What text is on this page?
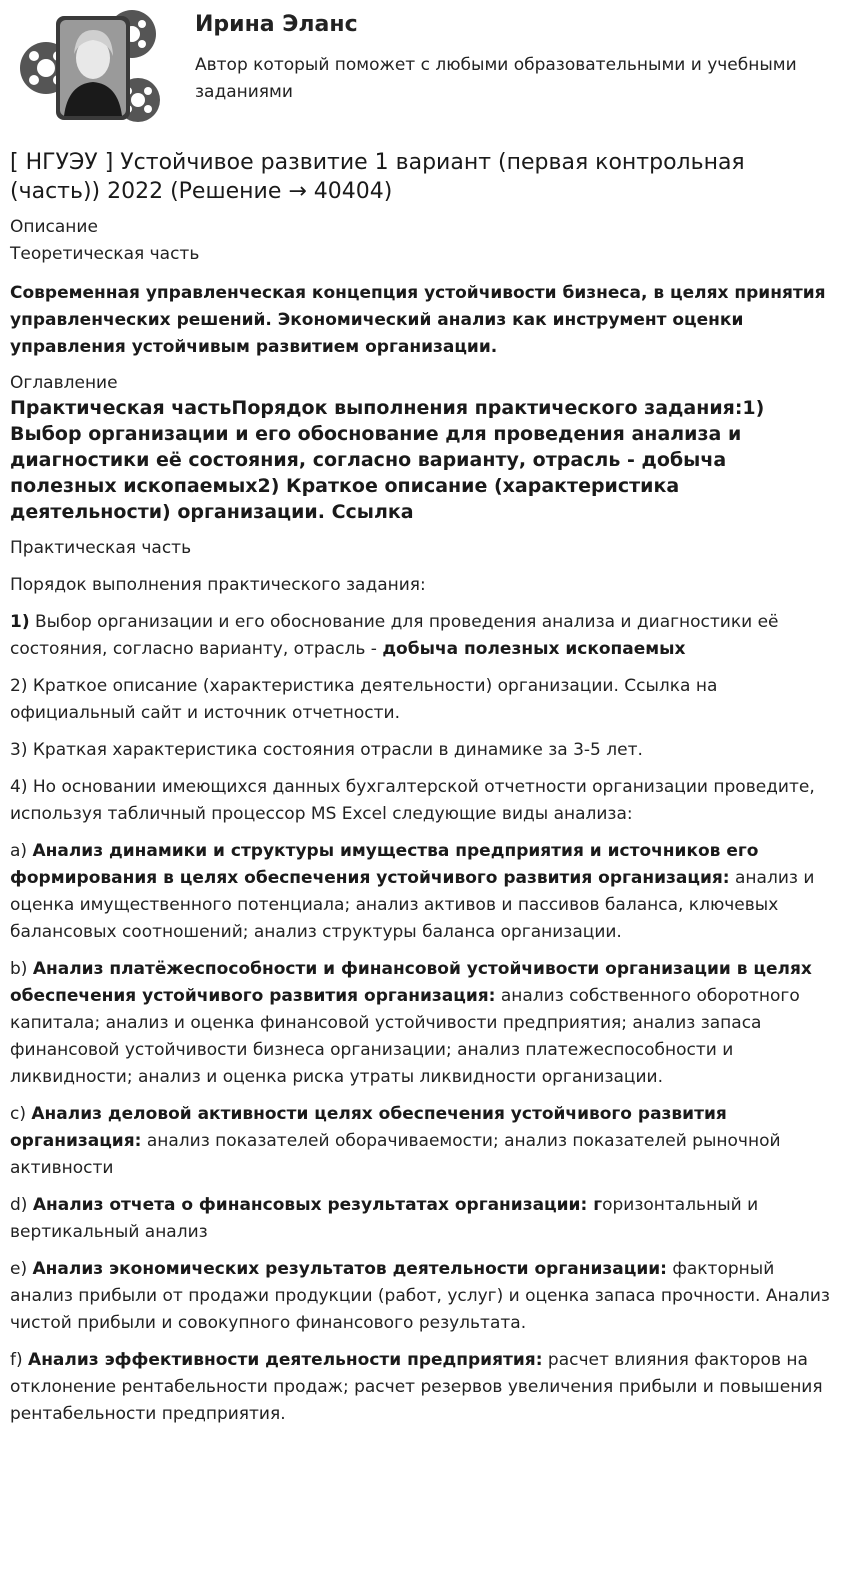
Ирина Эланс
Автор который поможет с любыми образовательными и учебными заданиями
[ НГУЭУ ] Устойчивое развитие 1 вариант (первая контрольная (часть)) 2022 (Решение → 40404)
Описание
Теоретическая часть

Современная управленческая концепция устойчивости бизнеса, в целях принятия управленческих решений. Экономический анализ как инструмент оценки управления устойчивым развитием организации.

Оглавление
Практическая частьПорядок выполнения практического задания:1) Выбор организации и его обоснование для проведения анализа и диагностики её состояния, согласно варианту, отрасль - добыча полезных ископаемых2) Краткое описание (характеристика деятельности) организации. Ссылка
Практическая часть
Порядок выполнения практического задания:

1) Выбор организации и его обоснование для проведения анализа и диагностики её состояния, согласно варианту, отрасль - добыча полезных ископаемых

2) Краткое описание (характеристика деятельности) организации. Ссылка на официальный сайт и источник отчетности.

3) Краткая характеристика состояния отрасли в динамике за 3-5 лет.

4) Но основании имеющихся данных бухгалтерской отчетности организации проведите, используя табличный процессор MS Excel следующие виды анализа:

a) Анализ динамики и структуры имущества предприятия и источников его формирования в целях обеспечения устойчивого развития организация: анализ и оценка имущественного потенциала; анализ активов и пассивов баланса, ключевых балансовых соотношений; анализ структуры баланса организации.

b) Анализ платёжеспособности и финансовой устойчивости организации в целях обеспечения устойчивого развития организация: анализ собственного оборотного капитала; анализ и оценка финансовой устойчивости предприятия; анализ запаса финансовой устойчивости бизнеса организации; анализ платежеспособности и ликвидности; анализ и оценка риска утраты ликвидности организации.

c) Анализ деловой активности целях обеспечения устойчивого развития организация: анализ показателей оборачиваемости; анализ показателей рыночной активности

d) Анализ отчета о финансовых результатах организации: горизонтальный и вертикальный анализ

e) Анализ экономических результатов деятельности организации: факторный анализ прибыли от продажи продукции (работ, услуг) и оценка запаса прочности. Анализ чистой прибыли и совокупного финансового результата.

f) Анализ эффективности деятельности предприятия: расчет влияния факторов на отклонение рентабельности продаж; расчет резервов увеличения прибыли и повышения рентабельности предприятия.
